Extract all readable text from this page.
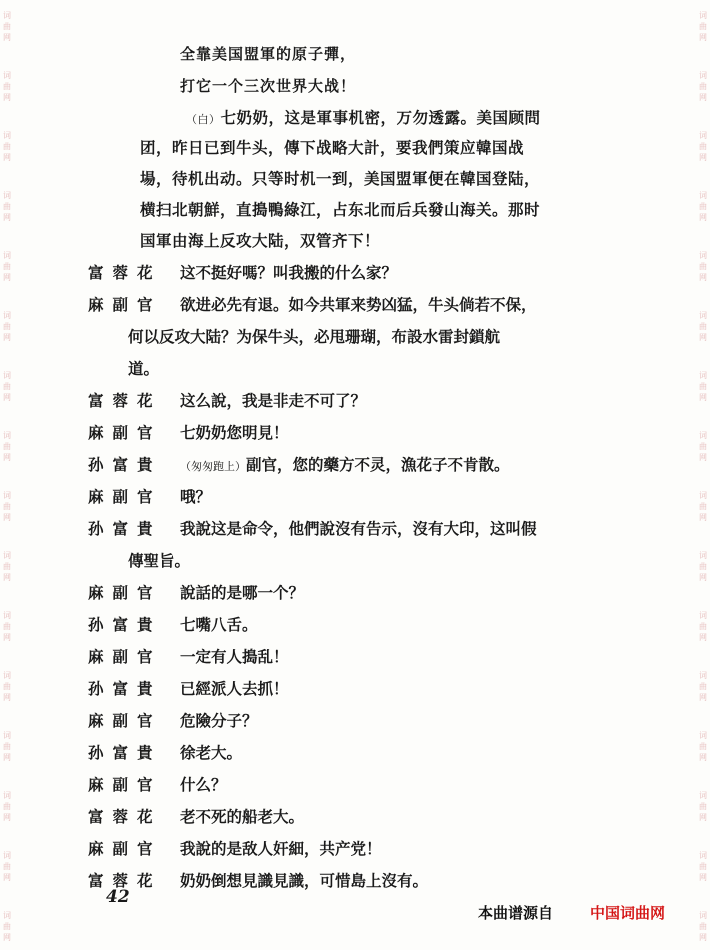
词
曲
网
词
曲
网
词
曲
网
词
曲
网
词
曲
网
词
曲
网
词
曲
网
词
曲
网
词
曲
网
词
曲
网
词
曲
网
词
曲
网
词
曲
网
词
曲
网
词
曲
网
词
曲
网
词
曲
网
词
曲
网
词
曲
网
词
曲
网
词
曲
网
词
曲
网
词
曲
网
词
曲
网
词
曲
网
词
曲
网
词
曲
网
词
曲
网
词
曲
网
词
曲
网
词
曲
网
词
曲
网
全靠美国盟軍的原子彈，
打它一个三次世界大战！
（白）七奶奶，这是軍事机密，万勿透露。美国顾問
团，昨日已到牛头，傳下战略大計，要我們策应韓国战
場，待机出动。只等时机一到，美国盟軍便在韓国登陆，
横扫北朝鮮，直搗鴨綠江，占东北而后兵發山海关。那时
国軍由海上反攻大陆，双管齐下！
富蓉花	这不挺好嗎？叫我搬的什么家？
麻副官	欲进必先有退。如今共軍来势凶猛，牛头倘若不保，
何以反攻大陆？为保牛头，必甩珊瑚，布設水雷封鎖航
道。
富蓉花	这么說，我是非走不可了？
麻副官	七奶奶您明見！
孙富貴	（匆匆跑上）副官，您的藥方不灵，漁花子不肯散。
麻副官	哦？
孙富貴	我說这是命令，他們說沒有告示，沒有大印，这叫假
傳聖旨。
麻副官	說話的是哪一个？
孙富貴	七嘴八舌。
麻副官	一定有人搗乱！
孙富貴	已經派人去抓！
麻副官	危險分子？
孙富貴	徐老大。
麻副官	什么？
富蓉花	老不死的船老大。
麻副官	我說的是敌人奸細，共产党！
富蓉花	奶奶倒想見識見識，可惜島上沒有。
42
本曲谱源自 中国词曲网
